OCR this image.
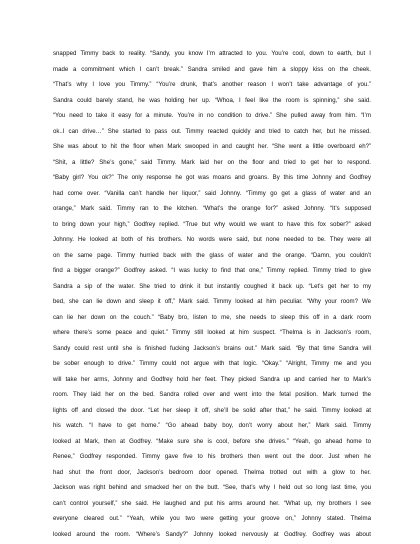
snapped Timmy back to reality. “Sandy, you know I’m attracted to you. You’re cool, down to earth, but I
made a commitment which I can’t break.” Sandra smiled and gave him a sloppy kiss on the cheek.
“That’s why I love you Timmy.” “You’re drunk, that’s another reason I won’t take advantage of you.”
Sandra could barely stand, he was holding her up. “Whoa, I feel like the room is spinning,” she said.
“You need to take it easy for a minute. You’re in no condition to drive.” She pulled away from him. “I’m
ok..I can drive…” She started to pass out. Timmy reacted quickly and tried to catch her, but he missed.
She was about to hit the floor when Mark swooped in and caught her. “She went a little overboard eh?”
“Shit, a little? She’s gone,” said Timmy. Mark laid her on the floor and tried to get her to respond.
“Baby girl? You ok?” The only response he got was moans and groans. By this time Johnny and Godfrey
had come over. “Vanilla can’t handle her liquor,” said Johnny. “Timmy go get a glass of water and an
orange,” Mark said. Timmy ran to the kitchen. “What’s the orange for?” asked Johnny. “It’s supposed
to bring down your high,” Godfrey replied. “True but why would we want to have this fox sober?” asked
Johnny. He looked at both of his brothers. No words were said, but none needed to be. They were all
on the same page. Timmy hurried back with the glass of water and the orange. “Damn, you couldn’t
find a bigger orange?” Godfrey asked. “I was lucky to find that one,” Timmy replied. Timmy tried to give
Sandra a sip of the water. She tried to drink it but instantly coughed it back up. “Let’s get her to my
bed, she can lie down and sleep it off,” Mark said. Timmy looked at him peculiar. “Why your room? We
can lie her down on the couch.” “Baby bro, listen to me, she needs to sleep this off in a dark room
where there’s some peace and quiet.” Timmy still looked at him suspect. “Thelma is in Jackson’s room,
Sandy could rest until she is finished fucking Jackson’s brains out.” Mark said. “By that time Sandra will
be sober enough to drive.” Timmy could not argue with that logic. “Okay.” “Alright, Timmy me and you
will take her arms, Johnny and Godfrey hold her feet. They picked Sandra up and carried her to Mark’s
room. They laid her on the bed. Sandra rolled over and went into the fetal position. Mark turned the
lights off and closed the door. “Let her sleep it off, she’ll be solid after that,” he said. Timmy looked at
his watch. “I have to get home.” “Go ahead baby boy, don’t worry about her,” Mark said. Timmy
looked at Mark, then at Godfrey. “Make sure she is cool, before she drives.” “Yeah, go ahead home to
Renee,” Godfrey responded. Timmy gave five to his brothers then went out the door. Just when he
had shut the front door, Jackson’s bedroom door opened. Thelma trotted out with a glow to her.
Jackson was right behind and smacked her on the butt. “See, that’s why I held out so long last time, you
can’t control yourself,” she said. He laughed and put his arms around her. “What up, my brothers I see
everyone cleared out.” “Yeah, while you two were getting your groove on,” Johnny stated. Thelma
looked around the room. “Where’s Sandy?” Johnny looked nervously at Godfrey. Godfrey was about
